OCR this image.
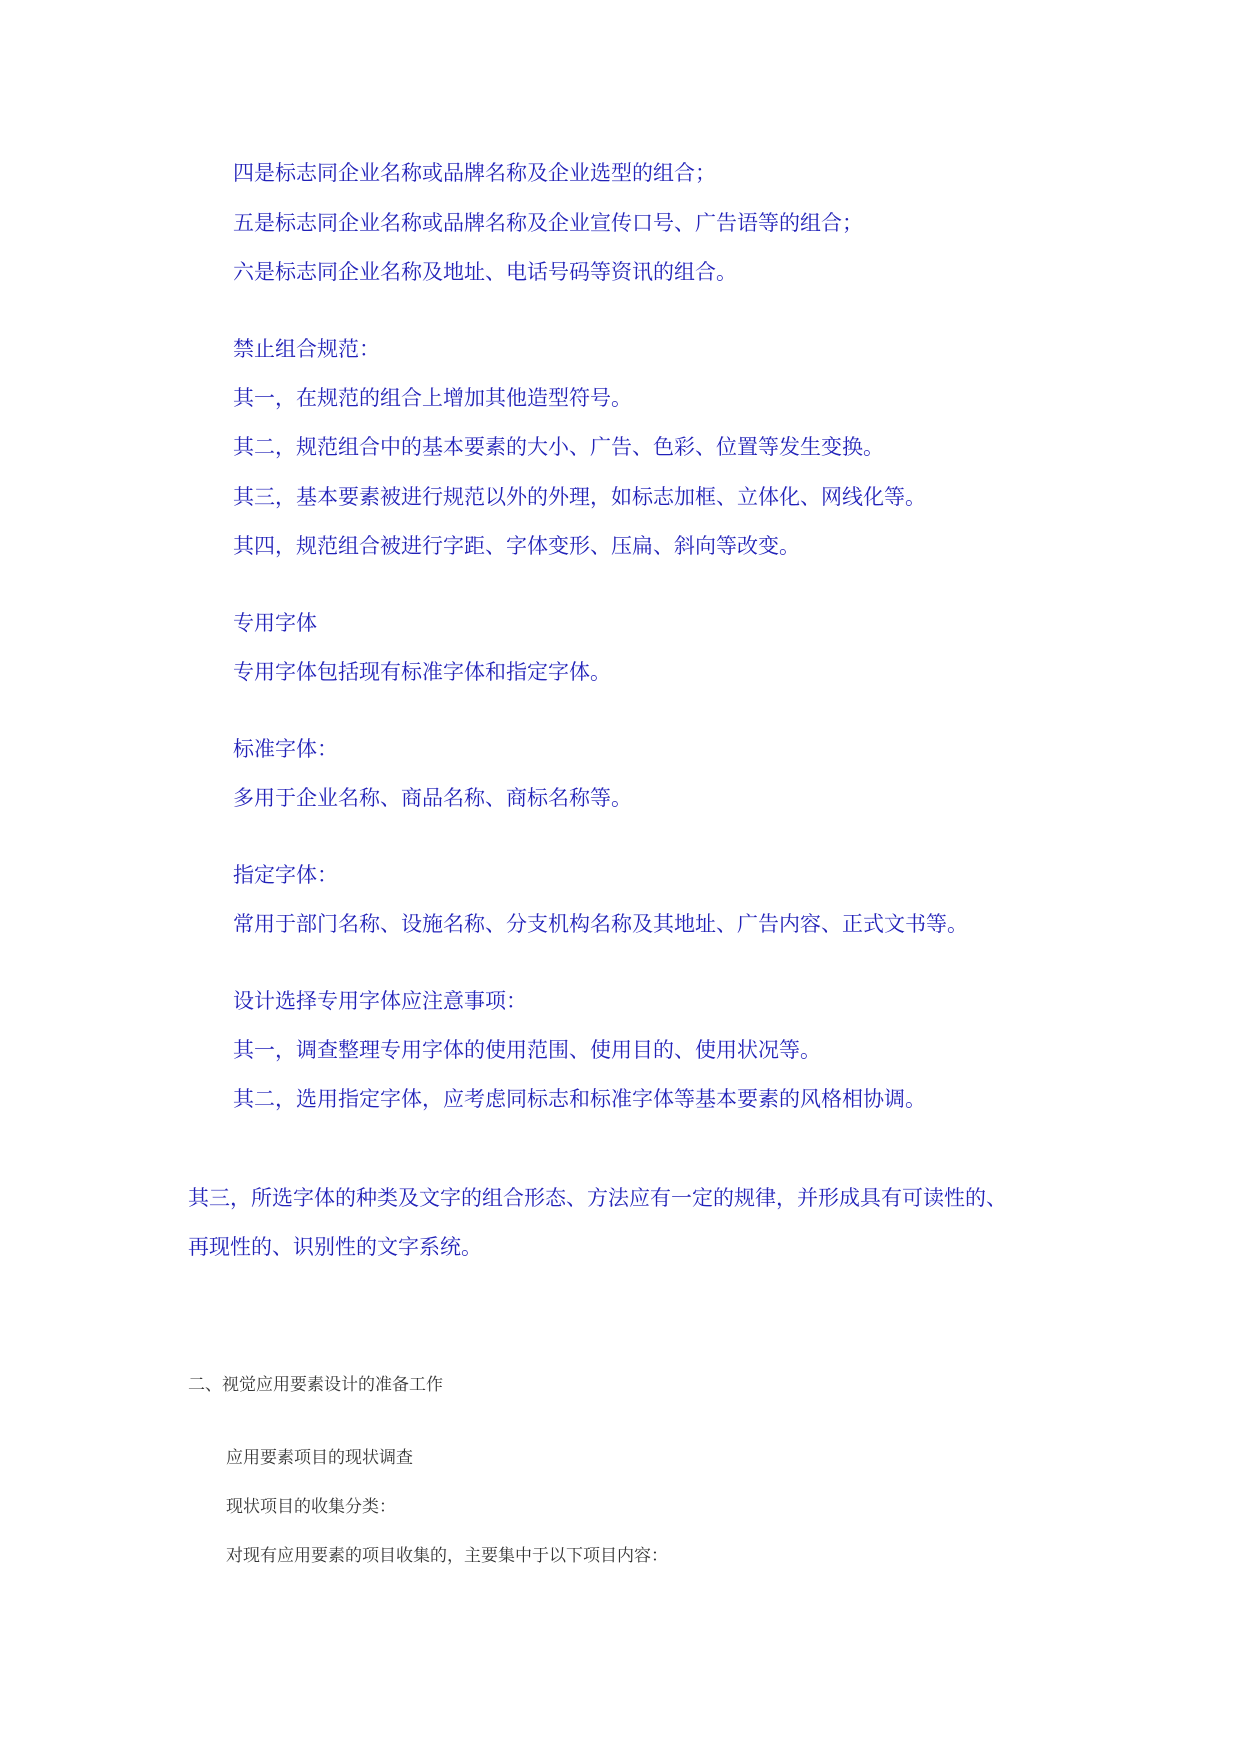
四是标志同企业名称或品牌名称及企业选型的组合；

五是标志同企业名称或品牌名称及企业宣传口号、广告语等的组合；

六是标志同企业名称及地址、电话号码等资讯的组合。

禁止组合规范：

其一，在规范的组合上增加其他造型符号。

其二，规范组合中的基本要素的大小、广告、色彩、位置等发生变换。

其三，基本要素被进行规范以外的外理，如标志加框、立体化、网线化等。

其四，规范组合被进行字距、字体变形、压扁、斜向等改变。

专用字体

专用字体包括现有标准字体和指定字体。

标准字体：

多用于企业名称、商品名称、商标名称等。

指定字体：

常用于部门名称、设施名称、分支机构名称及其地址、广告内容、正式文书等。

设计选择专用字体应注意事项：

其一，调查整理专用字体的使用范围、使用目的、使用状况等。

其二，选用指定字体，应考虑同标志和标准字体等基本要素的风格相协调。

其三，所选字体的种类及文字的组合形态、方法应有一定的规律，并形成具有可读性的、

再现性的、识别性的文字系统。

二、视觉应用要素设计的准备工作

应用要素项目的现状调查

现状项目的收集分类：

对现有应用要素的项目收集的，主要集中于以下项目内容：
